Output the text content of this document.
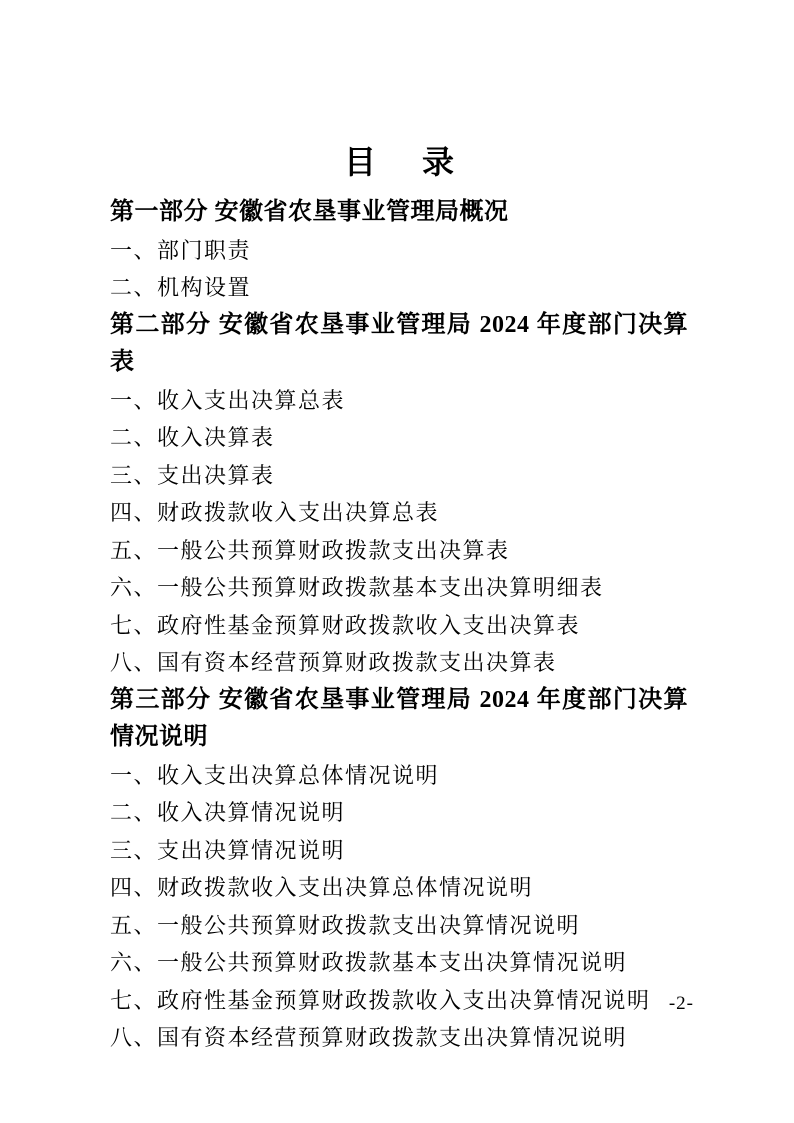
目　录
第一部分 安徽省农垦事业管理局概况
一、部门职责
二、机构设置
第二部分 安徽省农垦事业管理局 2024 年度部门决算表
一、收入支出决算总表
二、收入决算表
三、支出决算表
四、财政拨款收入支出决算总表
五、一般公共预算财政拨款支出决算表
六、一般公共预算财政拨款基本支出决算明细表
七、政府性基金预算财政拨款收入支出决算表
八、国有资本经营预算财政拨款支出决算表
第三部分 安徽省农垦事业管理局 2024 年度部门决算情况说明
一、收入支出决算总体情况说明
二、收入决算情况说明
三、支出决算情况说明
四、财政拨款收入支出决算总体情况说明
五、一般公共预算财政拨款支出决算情况说明
六、一般公共预算财政拨款基本支出决算情况说明
七、政府性基金预算财政拨款收入支出决算情况说明
八、国有资本经营预算财政拨款支出决算情况说明
-2-
